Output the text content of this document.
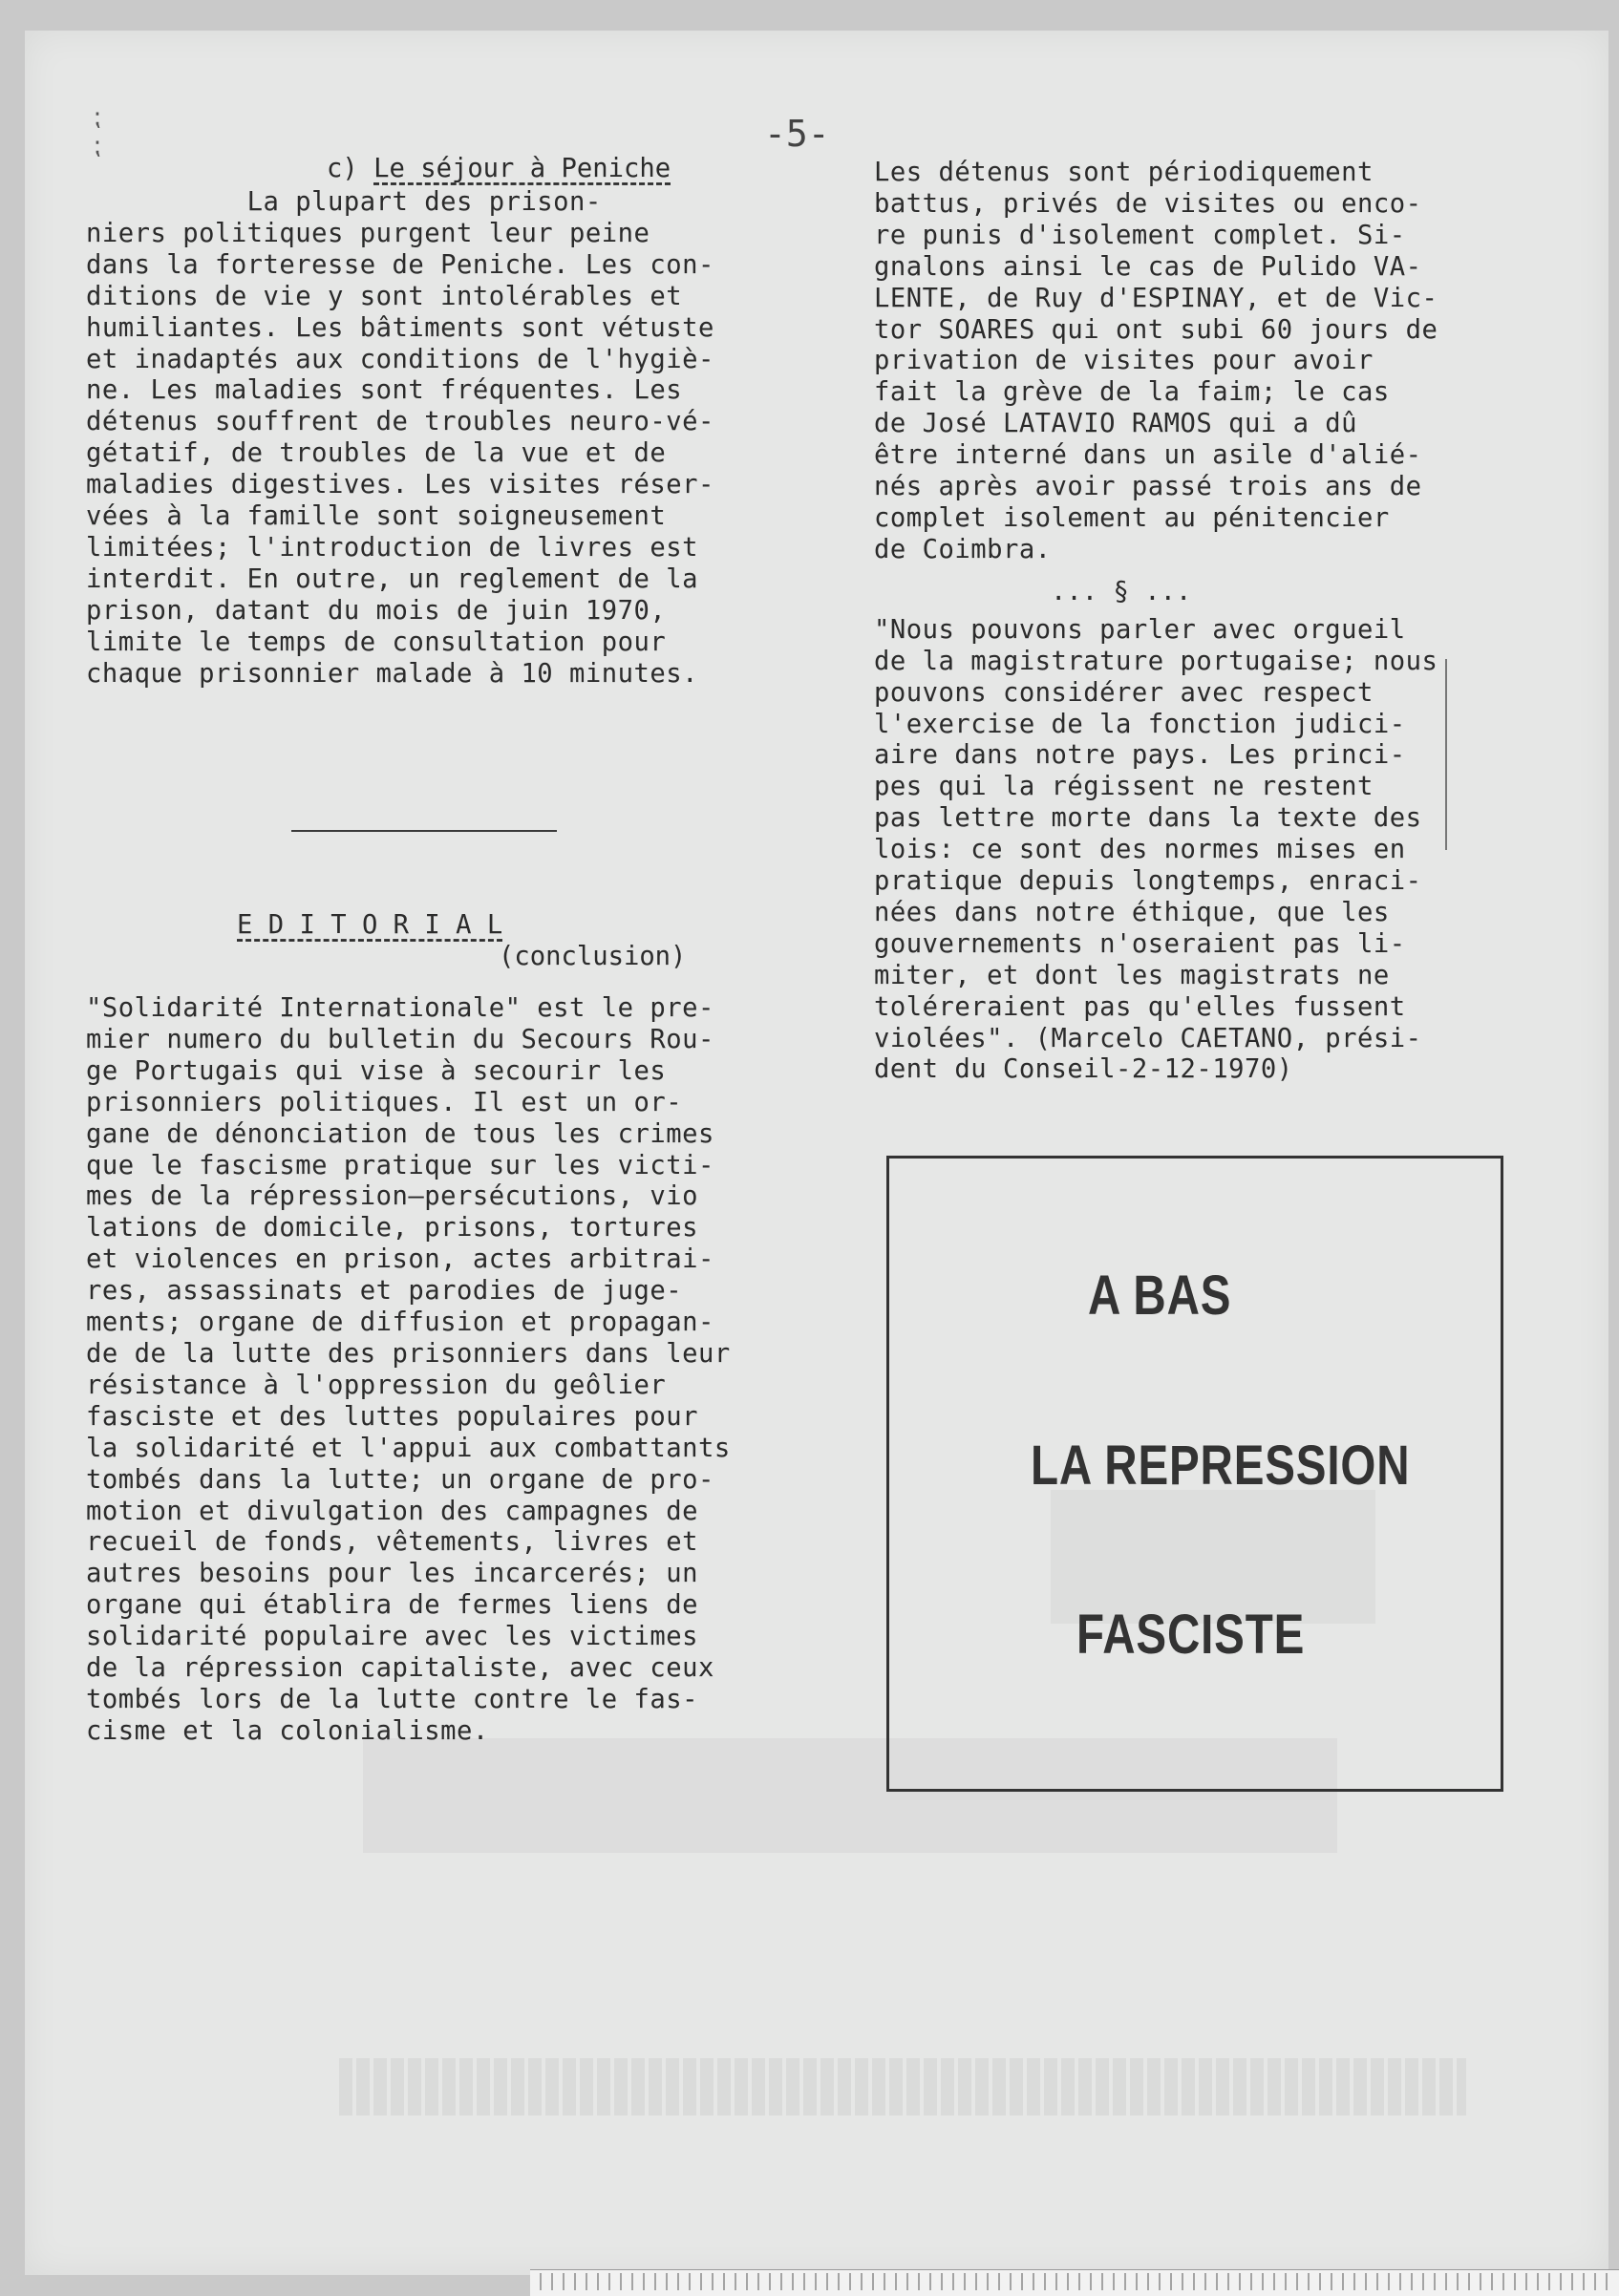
⁏
⁏	-5-

c) Le séjour à Peniche

La plupart des prison-
niers politiques purgent leur peine
dans la forteresse de Peniche. Les con-
ditions de vie y sont intolérables et
humiliantes. Les bâtiments sont vétuste
et inadaptés aux conditions de l'hygiè-
ne. Les maladies sont fréquentes. Les
détenus souffrent de troubles neuro-vé-
gétatif, de troubles de la vue et de
maladies digestives. Les visites réser-
vées à la famille sont soigneusement
limitées; l'introduction de livres est
interdit. En outre, un reglement de la
prison, datant du mois de juin 1970,
limite le temps de consultation pour
chaque prisonnier malade à 10 minutes.

E D I T O R I A L

(conclusion)

"Solidarité Internationale" est le pre-
mier numero du bulletin du Secours Rou-
ge Portugais qui vise à secourir les
prisonniers politiques. Il est un or-
gane de dénonciation de tous les crimes
que le fascisme pratique sur les victi-
mes de la répression—persécutions, vio
lations de domicile, prisons, tortures
et violences en prison, actes arbitrai-
res, assassinats et parodies de juge-
ments; organe de diffusion et propagan-
de de la lutte des prisonniers dans leur
résistance à l'oppression du geôlier
fasciste et des luttes populaires pour
la solidarité et l'appui aux combattants
tombés dans la lutte; un organe de pro-
motion et divulgation des campagnes de
recueil de fonds, vêtements, livres et
autres besoins pour les incarcerés; un
organe qui établira de fermes liens de
solidarité populaire avec les victimes
de la répression capitaliste, avec ceux
tombés lors de la lutte contre le fas-
cisme et la colonialisme.

Les détenus sont périodiquement
battus, privés de visites ou enco-
re punis d'isolement complet. Si-
gnalons ainsi le cas de Pulido VA-
LENTE, de Ruy d'ESPINAY, et de Vic-
tor SOARES qui ont subi 60 jours de
privation de visites pour avoir
fait la grève de la faim; le cas
de José LATAVIO RAMOS qui a dû
être interné dans un asile d'alié-
nés après avoir passé trois ans de
complet isolement au pénitencier
de Coimbra.

... § ...

"Nous pouvons parler avec orgueil
de la magistrature portugaise; nous
pouvons considérer avec respect
l'exercise de la fonction judici-
aire dans notre pays. Les princi-
pes qui la régissent ne restent
pas lettre morte dans la texte des
lois: ce sont des normes mises en
pratique depuis longtemps, enraci-
nées dans notre éthique, que les
gouvernements n'oseraient pas li-
miter, et dont les magistrats ne
toléreraient pas qu'elles fussent
violées". (Marcelo CAETANO, prési-
dent du Conseil-2-12-1970)

A BAS
LA REPRESSION
FASCISTE
